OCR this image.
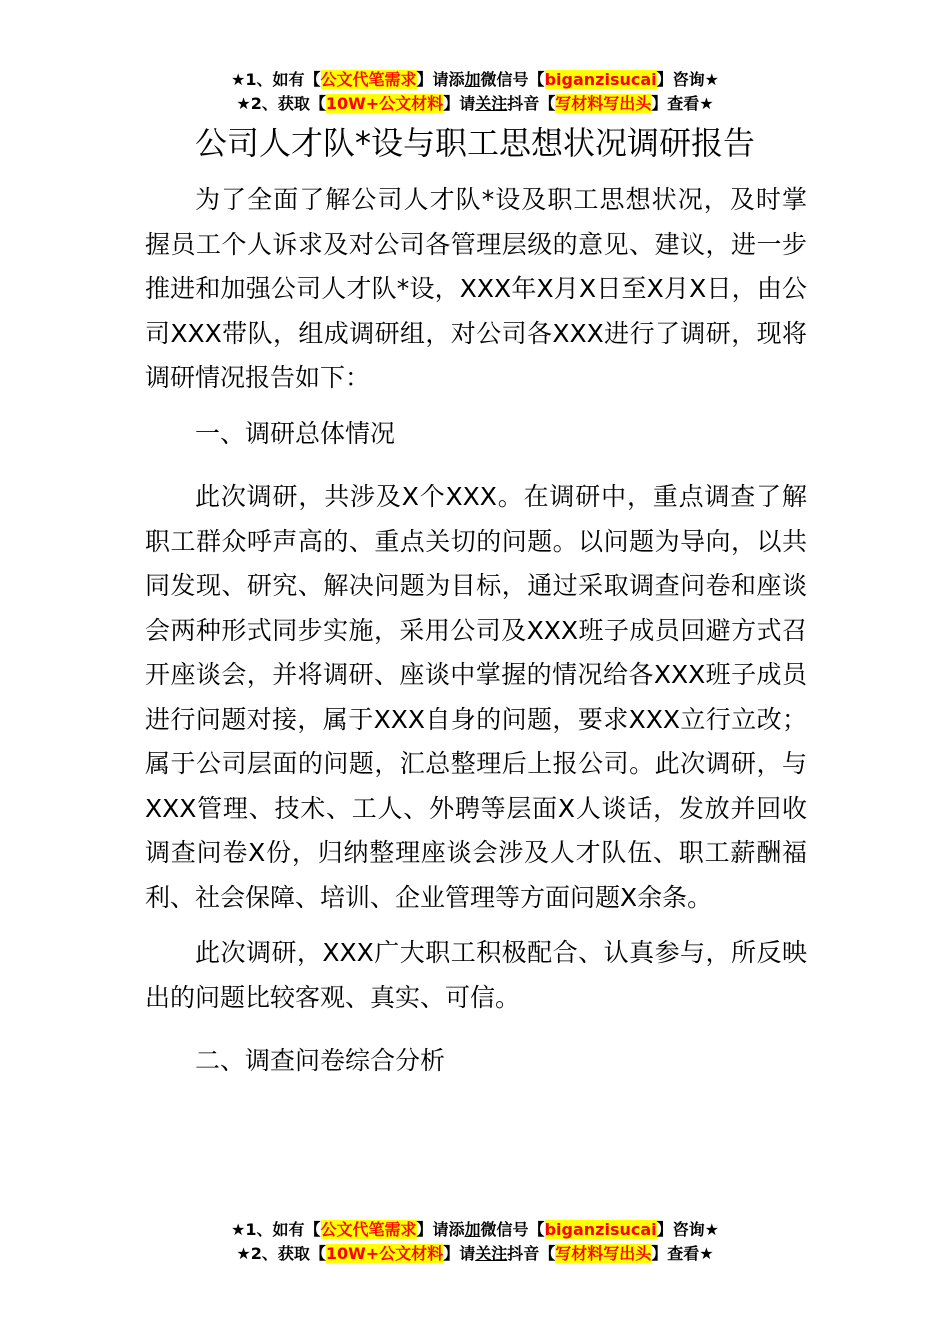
★1、如有【公文代笔需求】请添加微信号【biganzisucai】咨询★
★2、获取【10W+公文材料】请关注抖音【写材料写出头】查看★
公司人才队*设与职工思想状况调研报告

为了全面了解公司人才队*设及职工思想状况，及时掌握员工个人诉求及对公司各管理层级的意见、建议，进一步推进和加强公司人才队*设，XXX年X月X日至X月X日，由公司XXX带队，组成调研组，对公司各XXX进行了调研，现将调研情况报告如下：

一、调研总体情况

此次调研，共涉及X个XXX。在调研中，重点调查了解职工群众呼声高的、重点关切的问题。以问题为导向，以共同发现、研究、解决问题为目标，通过采取调查问卷和座谈会两种形式同步实施，采用公司及XXX班子成员回避方式召开座谈会，并将调研、座谈中掌握的情况给各XXX班子成员进行问题对接，属于XXX自身的问题，要求XXX立行立改；属于公司层面的问题，汇总整理后上报公司。此次调研，与XXX管理、技术、工人、外聘等层面X人谈话，发放并回收调查问卷X份，归纳整理座谈会涉及人才队伍、职工薪酬福利、社会保障、培训、企业管理等方面问题X余条。

此次调研，XXX广大职工积极配合、认真参与，所反映出的问题比较客观、真实、可信。

二、调查问卷综合分析

★1、如有【公文代笔需求】请添加微信号【biganzisucai】咨询★
★2、获取【10W+公文材料】请关注抖音【写材料写出头】查看★
